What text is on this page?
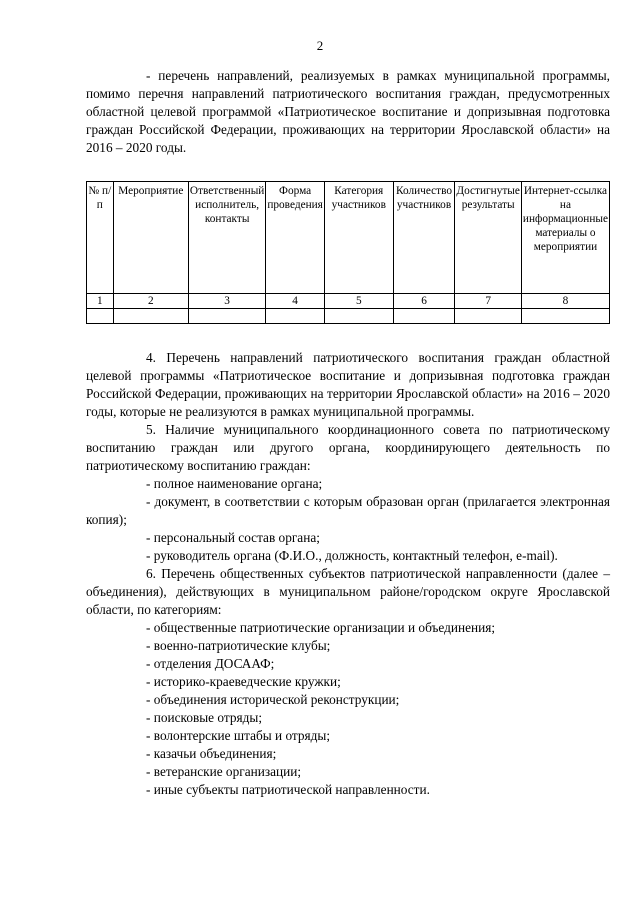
2

- перечень направлений, реализуемых в рамках муниципальной программы, помимо перечня направлений патриотического воспитания граждан, предусмотренных областной целевой программой «Патриотическое воспитание и допризывная подготовка граждан Российской Федерации, проживающих на территории Ярославской области» на 2016 – 2020 годы.

№ п/п	Мероприятие	Ответственный исполнитель, контакты	Форма проведения	Категория участников	Количество участников	Достигнутые результаты	Интернет-ссылка на информационные материалы о мероприятии
1	2	3	4	5	6	7	8

4. Перечень направлений патриотического воспитания граждан областной целевой программы «Патриотическое воспитание и допризывная подготовка граждан Российской Федерации, проживающих на территории Ярославской области» на 2016 – 2020 годы, которые не реализуются в рамках муниципальной программы.

5. Наличие муниципального координационного совета по патриотическому воспитанию граждан или другого органа, координирующего деятельность по патриотическому воспитанию граждан:

- полное наименование органа;

- документ, в соответствии с которым образован орган (прилагается электронная копия);

- персональный состав органа;

- руководитель органа (Ф.И.О., должность, контактный телефон, e-mail).

6. Перечень общественных субъектов патриотической направленности (далее – объединения), действующих в муниципальном районе/городском округе Ярославской области, по категориям:

- общественные патриотические организации и объединения;

- военно-патриотические клубы;

- отделения ДОСААФ;

- историко-краеведческие кружки;

- объединения исторической реконструкции;

- поисковые отряды;

- волонтерские штабы и отряды;

- казачьи объединения;

- ветеранские организации;

- иные субъекты патриотической направленности.
